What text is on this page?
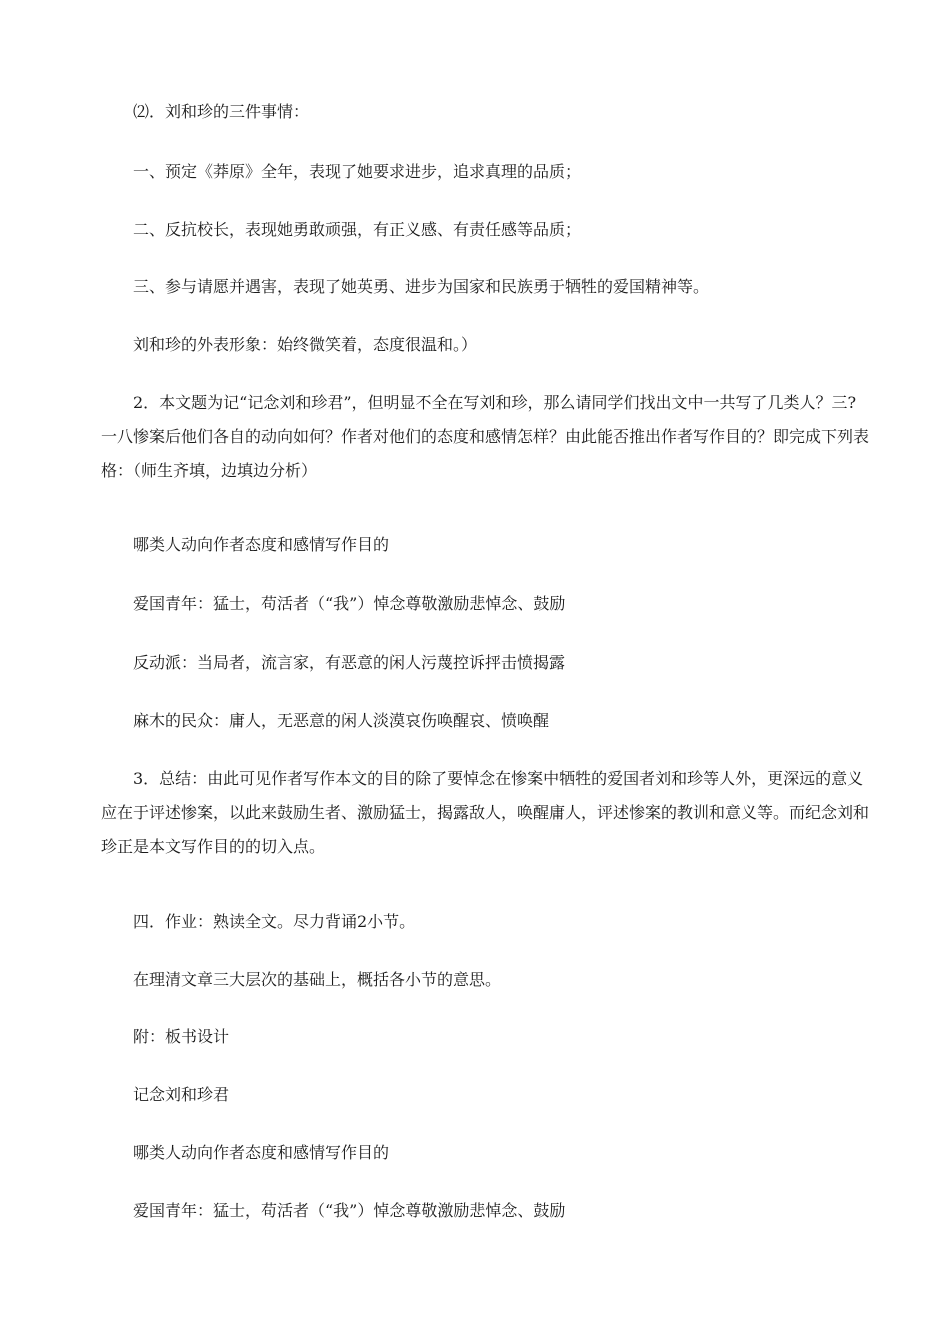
⑵．刘和珍的三件事情：

一、预定《莽原》全年，表现了她要求进步，追求真理的品质；

二、反抗校长，表现她勇敢顽强，有正义感、有责任感等品质；

三、参与请愿并遇害，表现了她英勇、进步为国家和民族勇于牺牲的爱国精神等。

刘和珍的外表形象：始终微笑着，态度很温和。）

2．本文题为记“记念刘和珍君”，但明显不全在写刘和珍，那么请同学们找出文中一共写了几类人？三?一八惨案后他们各自的动向如何？作者对他们的态度和感情怎样？由此能否推出作者写作目的？即完成下列表格：（师生齐填，边填边分析）

哪类人动向作者态度和感情写作目的

爱国青年：猛士，苟活者（“我”）悼念尊敬激励悲悼念、鼓励

反动派：当局者，流言家，有恶意的闲人污蔑控诉抨击愤揭露

麻木的民众：庸人，无恶意的闲人淡漠哀伤唤醒哀、愤唤醒

3．总结：由此可见作者写作本文的目的除了要悼念在惨案中牺牲的爱国者刘和珍等人外，更深远的意义应在于评述惨案，以此来鼓励生者、激励猛士，揭露敌人，唤醒庸人，评述惨案的教训和意义等。而纪念刘和珍正是本文写作目的的切入点。

四．作业：熟读全文。尽力背诵2小节。

在理清文章三大层次的基础上，概括各小节的意思。

附：板书设计

记念刘和珍君

哪类人动向作者态度和感情写作目的

爱国青年：猛士，苟活者（“我”）悼念尊敬激励悲悼念、鼓励
